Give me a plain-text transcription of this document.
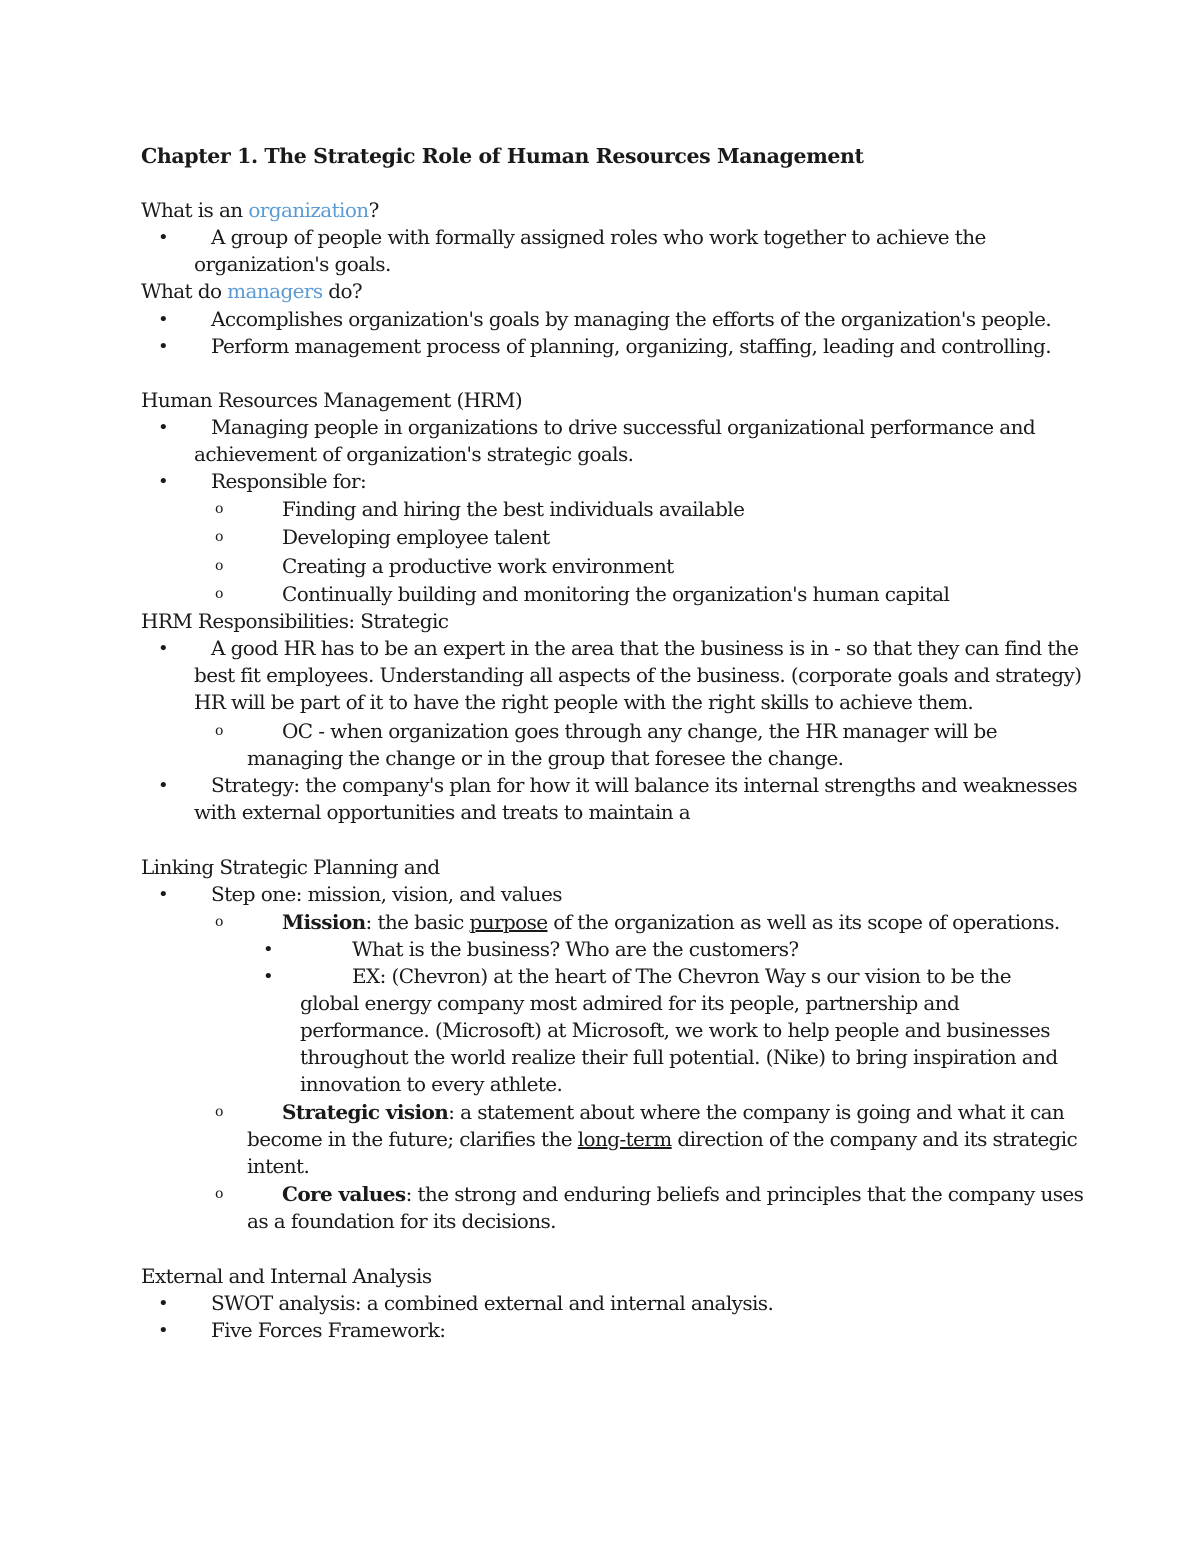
Chapter 1. The Strategic Role of Human Resources Management
What is an organization?
• A group of people with formally assigned roles who work together to achieve the
organization's goals.
What do managers do?
• Accomplishes organization's goals by managing the efforts of the organization's people.
• Perform management process of planning, organizing, staffing, leading and controlling.
Human Resources Management (HRM)
• Managing people in organizations to drive successful organizational performance and
achievement of organization's strategic goals.
• Responsible for:
o	Finding and hiring the best individuals available
o	Developing employee talent
o	Creating a productive work environment
o	Continually building and monitoring the organization's human capital
HRM Responsibilities: Strategic
• A good HR has to be an expert in the area that the business is in - so that they can find the
best fit employees. Understanding all aspects of the business. (corporate goals and strategy)
HR will be part of it to have the right people with the right skills to achieve them.
o	OC - when organization goes through any change, the HR manager will be
managing the change or in the group that foresee the change.
• Strategy: the company's plan for how it will balance its internal strengths and weaknesses
with external opportunities and treats to maintain a
Linking Strategic Planning and
• Step one: mission, vision, and values
o	Mission: the basic purpose of the organization as well as its scope of operations.
•	What is the business? Who are the customers?
•	EX: (Chevron) at the heart of The Chevron Way s our vision to be the
global energy company most admired for its people, partnership and
performance. (Microsoft) at Microsoft, we work to help people and businesses
throughout the world realize their full potential. (Nike) to bring inspiration and
innovation to every athlete.
o	Strategic vision: a statement about where the company is going and what it can
become in the future; clarifies the long-term direction of the company and its strategic
intent.
o	Core values: the strong and enduring beliefs and principles that the company uses
as a foundation for its decisions.
External and Internal Analysis
• SWOT analysis: a combined external and internal analysis.
• Five Forces Framework:
